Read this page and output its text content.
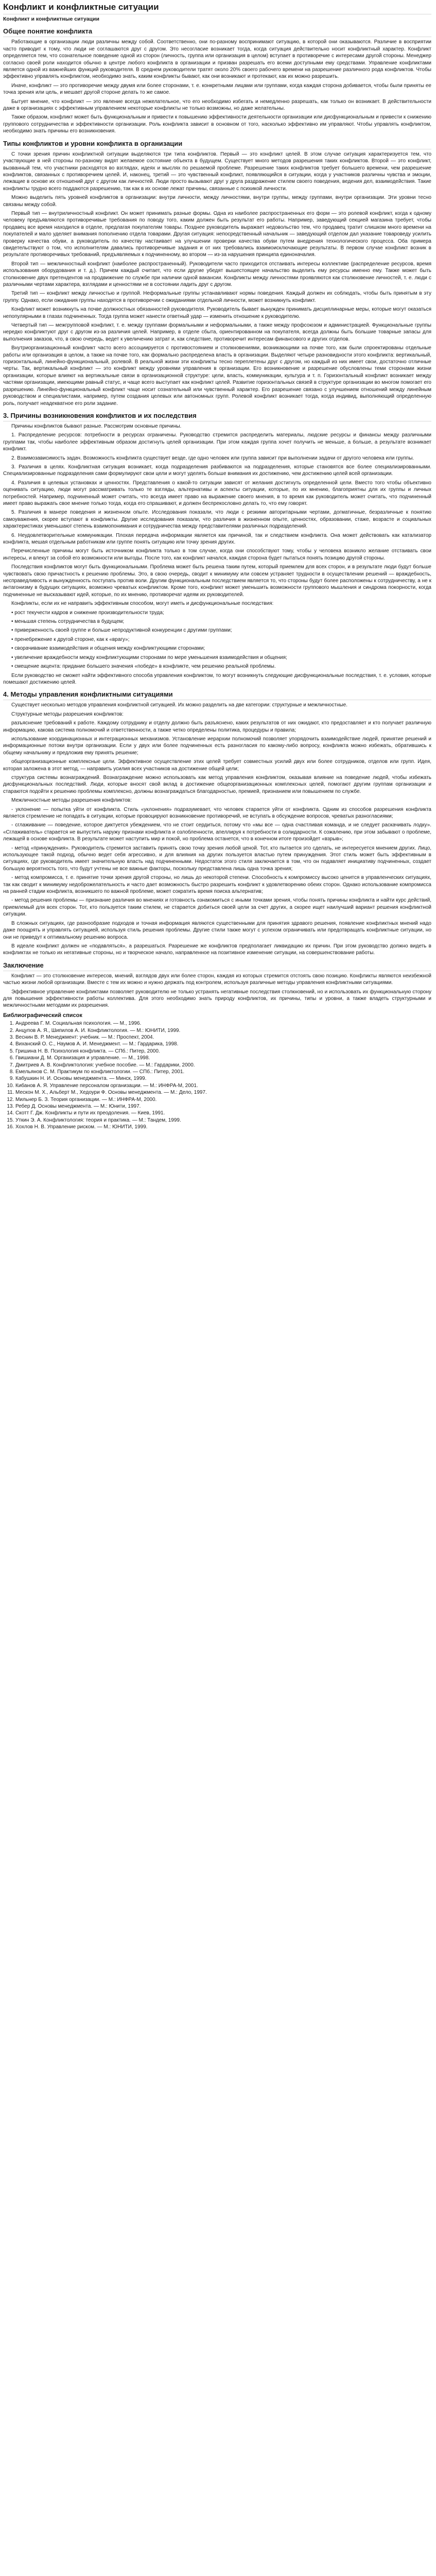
Конфликт и конфликтные ситуации
Конфликт и конфликтные ситуации
Общее понятие конфликта

Работающие в организации люди различны между собой. Соответственно, они по-разному воспринимают ситуацию, в которой они оказываются. Различие в восприятии часто приводит к тому, что люди не соглашаются друг с другом. Это несогласие возникает тогда, когда ситуация действительно носит конфликтный характер. Конфликт определяется тем, что сознательное поведение одной из сторон (личность, группа или организация в целом) вступает в противоречие с интересами другой стороны. Менеджер согласно своей роли находится обычно в центре любого конфликта в организации и призван разрешать его всеми доступными ему средствами. Управление конфликтами является одной из важнейших функций руководителя. В среднем руководители тратят около 20% своего рабочего времени на разрешение различного рода конфликтов. Чтобы эффективно управлять конфликтом, необходимо знать, каким конфликты бывают, как они возникают и протекают, как их можно разрешить.

Иначе, конфликт — это противоречие между двумя или более сторонами, т. е. конкретными лицами или группами, когда каждая сторона добивается, чтобы были приняты ее точка зрения или цель, и мешает другой стороне делать то же самое.

Бытует мнение, что конфликт — это явление всегда нежелательное, что его необходимо избегать и немедленно разрешать, как только он возникает. В действительности даже в организациях с эффективным управлением некоторые конфликты не только возможны, но даже желательны.

Также образом, конфликт может быть функциональным и привести к повышению эффективности деятельности организации или дисфункциональным и привести к снижению группового сотрудничества и эффективности организации. Роль конфликта зависит в основном от того, насколько эффективно им управляют. Чтобы управлять конфликтом, необходимо знать причины его возникновения.

Типы конфликтов и уровни конфликта в организации

С точки зрения причин конфликтной ситуации выделяются три типа конфликтов. Первый — это конфликт целей. В этом случае ситуация характеризуется тем, что участвующие в ней стороны по-разному видят желаемое состояние объекта в будущем. Существует много методов разрешения таких конфликтов. Второй — это конфликт, вызванный тем, что участники расходятся во взглядах, идеях и мыслях по решаемой проблеме. Разрешение таких конфликтов требует большего времени, чем разрешение конфликтов, связанных с противоречием целей. И, наконец, третий — это чувственный конфликт, появляющийся в ситуации, когда у участников различны чувства и эмоции, лежащие в основе их отношений друг с другом как личностей. Люди просто вызывают друг у друга раздражение стилем своего поведения, ведения дел, взаимодействия. Такие конфликты трудно всего поддаются разрешению, так как в их основе лежат причины, связанные с психикой личности.

Можно выделить пять уровней конфликтов в организации: внутри личности, между личностями, внутри группы, между группами, внутри организации. Эти уровни тесно связаны между собой.

Первый тип — внутриличностный конфликт. Он может принимать разные формы. Одна из наиболее распространенных его форм — это ролевой конфликт, когда к одному человеку предъявляются противоречивые требования по поводу того, каким должен быть результат его работы. Например, заведующий секцией магазина требует, чтобы продавец все время находился в отделе, предлагая покупателям товары. Позднее руководитель выражает недовольство тем, что продавец тратит слишком много времени на покупателей и мало уделяет внимания пополнению отдела товарами. Другая ситуация: непосредственный начальник — заведующий отделом дал указание товароведу усилить проверку качества обуви, а руководитель по качеству настаивает на улучшении проверки качества обуви путем внедрения технологического процесса. Оба примера свидетельствуют о том, что исполнителям давались противоречивые задания и от них требовались взаимоисключающие результаты. В первом случае конфликт возник в результате противоречивых требований, предъявляемых к подчиненному, во втором — из-за нарушения принципа единоначалия.

Второй тип — межличностный конфликт (наиболее распространенный). Руководители часто приходится отстаивать интересы коллективе (распределение ресурсов, время использования оборудования и т. д.). Причем каждый считает, что если другие убедят вышестоящее начальство выделить ему ресурсы именно ему. Также может быть столкновение двух претендентов на продвижение по службе при наличии одной вакансии. Конфликты между личностями проявляются как столкновение личностей, т. е. люди с различными чертами характера, взглядами и ценностями не в состоянии ладить друг с другом.

Третий тип — конфликт между личностью и группой. Неформальные группы устанавливают нормы поведения. Каждый должен их соблюдать, чтобы быть принятым в эту группу. Однако, если ожидания группы находятся в противоречии с ожиданиями отдельной личности, может возникнуть конфликт.

Конфликт может возникнуть на почве должностных обязанностей руководителя. Руководитель бывает вынужден принимать дисциплинарные меры, которые могут оказаться непопулярными в глазах подчиненных. Тогда группа может нанести ответный удар — изменить отношение к руководителю.

Четвертый тип — межгрупповой конфликт, т. е. между группами формальными и неформальными, а также между профсоюзом и администрацией. Функциональные группы нередко конфликтуют друг с другом из-за различия целей. Например, в отделе сбыта, ориентированном на покупателя, всегда должны быть большие товарные запасы для выполнения заказов, что, в свою очередь, ведет к увеличению затрат и, как следствие, противоречит интересам финансового и других отделов.

Внутриорганизационный конфликт часто всего ассоциируется с противостоянием и столкновениями, возникающими на почве того, как были спроектированы отдельные работы или организация в целом, а также на почве того, как формально распределена власть в организации. Выделяют четыре разновидности этого конфликта: вертикальный, горизонтальный, линейно-функциональный, ролевой. В реальной жизни эти конфликты тесно переплетены друг с другом, но каждый из них имеет свои, достаточно отличные черты. Так, вертикальный конфликт — это конфликт между уровнями управления в организации. Его возникновение и разрешение обусловлены теми сторонами жизни организации, которые влияют на вертикальные связи в организационной структуре: цели, власть, коммуникации, культура и т. п. Горизонтальный конфликт возникает между частями организации, имеющими равный статус, и чаще всего выступает как конфликт целей. Развитие горизонтальных связей в структуре организации во многом помогает его разрешению. Линейно-функциональный конфликт чаще носит сознательный или чувственный характер. Его разрешение связано с улучшением отношений между линейным руководством и специалистами, например, путем создания целевых или автономных групп. Ролевой конфликт возникает тогда, когда индивид, выполняющий определенную роль, получает неадекватное его роли задание.

3. Причины возникновения конфликтов и их последствия

Причины конфликтов бывают разные. Рассмотрим основные причины.

1. Распределение ресурсов: потребности в ресурсах ограничены. Руководство стремится распределить материалы, людские ресурсы и финансы между различными группами так, чтобы наиболее эффективным образом достигнуть целей организации. При этом каждая группа хочет получить не меньше, а больше, а результате возникает конфликт.

2. Взаимозависимость задач. Возможность конфликта существует везде, где одно человек или группа зависит при выполнении задачи от другого человека или группы.

3. Различия в целях. Конфликтная ситуация возникает, когда подразделения разбиваются на подразделения, которые становятся все более специализированными. Специализированные подразделения сами формулируют свои цели и могут уделять больше внимания их достижению, чем достижению целей всей организации.

4. Различия в целевых установках и ценностях. Представления о какой-то ситуации зависят от желания достигнуть определенной цели. Вместо того чтобы объективно оценивать ситуацию, люди могут рассматривать только те взгляды, альтернативы и аспекты ситуации, которые, по их мнению, благоприятны для их группы и личных потребностей. Например, подчиненный может считать, что всегда имеет право на выражение своего мнения, в то время как руководитель может считать, что подчиненный имеет право выражать свое мнение только тогда, когда его спрашивают, и должен беспрекословно делать то, что ему говорят.

5. Различия в манере поведения и жизненном опыте. Исследования показали, что люди с резкими авторитарными чертами, догматичные, безразличные к понятию самоуважения, скорее вступают в конфликты. Другие исследования показали, что различия в жизненном опыте, ценностях, образовании, стаже, возрасте и социальных характеристиках уменьшают степень взаимопонимания и сотрудничества между представителями различных подразделений.

6. Неудовлетворительные коммуникации. Плохая передача информации является как причиной, так и следствием конфликта. Она может действовать как катализатор конфликта, мешая отдельным работникам или группе понять ситуацию или точку зрения других.

Перечисленные причины могут быть источником конфликта только в том случае, когда они способствуют тому, чтобы у человека возникло желание отстаивать свои интересы, и влекут за собой его возможности или выгоды. После того, как конфликт начался, каждая сторона будет пытаться понять позицию другой стороны.

Последствия конфликтов могут быть функциональными. Проблема может быть решена таким путем, который приемлем для всех сторон, и в результате люди будут больше чувствовать свою причастность к решению проблемы. Это, в свою очередь, сводит к минимуму или совсем устраняет трудности в осуществлении решений — враждебность, несправедливость и вынужденность поступать против воли. Другим функциональным последствием является то, что стороны будут более расположены к сотрудничеству, а не к антагонизму в будущих ситуациях, возможно чреватых конфликтом. Кроме того, конфликт может уменьшить возможности группового мышления и синдрома покорности, когда подчиненные не высказывают идей, которые, по их мнению, противоречат идеям их руководителей.

Конфликты, если их не направить эффективным способом, могут иметь и дисфункциональные последствия:

• рост текучести кадров и снижение производительности труда;

• меньшая степень сотрудничества в будущем;

• приверженность своей группе и больше непродуктивной конкуренции с другими группами;

• пренебрежение к другой стороне, как к «врагу»;

• сворачивание взаимодействия и общения между конфликтующими сторонами;

• увеличение враждебности между конфликтующими сторонами по мере уменьшения взаимодействия и общения;

• смещение акцента: придание большего значения «победе» в конфликте, чем решению реальной проблемы.

Если руководство не сможет найти эффективного способа управления конфликтом, то могут возникнуть следующие дисфункциональные последствия, т. е. условия, которые помешают достижению целей.

4. Методы управления конфликтными ситуациями

Существует несколько методов управления конфликтной ситуацией. Их можно разделить на две категории: структурные и межличностные.

Структурные методы разрешения конфликтов:

разъяснение требований к работе. Каждому сотруднику и отделу должно быть разъяснено, каких результатов от них ожидают, кто предоставляет и кто получает различную информацию, какова система полномочий и ответственности, а также четко определены политика, процедуры и правила;

использование координационных и интеграционных механизмов. Установление иерархии полномочий позволяет упорядочить взаимодействие людей, принятие решений и информационные потоки внутри организации. Если у двух или более подчиненных есть разногласия по какому-либо вопросу, конфликта можно избежать, обратившись к общему начальнику и предложив ему принять решение;

общеорганизационные комплексные цели. Эффективное осуществление этих целей требует совместных усилий двух или более сотрудников, отделов или групп. Идея, которая заложена в этот метод, — направить усилия всех участников на достижение общей цели;

структура системы вознаграждений. Вознаграждение можно использовать как метод управления конфликтом, оказывая влияние на поведение людей, чтобы избежать дисфункциональных последствий. Люди, которые вносят свой вклад в достижение общеорганизационных комплексных целей, помогают другим группам организации и стараются подойти к решению проблемы комплексно, должны вознаграждаться благодарностью, премией, признанием или повышением по службе.

Межличностные методы разрешения конфликтов:

- уклонение — попытка уйти от конфликта. Стиль «уклонения» подразумевает, что человек старается уйти от конфликта. Одним из способов разрешения конфликта является стремление не попадать в ситуации, которые провоцируют возникновение противоречий, не вступать в обсуждение вопросов, чреватых разногласиями;

- сглаживание — поведение, которое диктуется убеждением, что не стоит сердиться, потому что «мы все — одна счастливая команда, и не следует раскачивать лодку». «Сглаживатель» старается не выпустить наружу признаки конфликта и озлобленности, апеллируя к потребности в солидарности. К сожалению, при этом забывают о проблеме, лежащей в основе конфликта. В результате может наступить мир и покой, но проблема останется, что в конечном итоге произойдет «взрыв»;

- метод «принуждения». Руководитель стремится заставить принять свою точку зрения любой ценой. Тот, кто пытается это сделать, не интересуется мнением других. Лицо, использующее такой подход, обычно ведет себя агрессивно, и для влияния на других пользуется властью путем принуждения. Этот стиль может быть эффективным в ситуациях, где руководитель имеет значительную власть над подчиненными. Недостаток этого стиля заключается в том, что он подавляет инициативу подчиненных, создает большую вероятность того, что будут учтены не все важные факторы, поскольку представлена лишь одна точка зрения;

- метод компромисса, т. е. принятие точки зрения другой стороны, но лишь до некоторой степени. Способность к компромиссу высоко ценится в управленческих ситуациях, так как сводит к минимуму недоброжелательность и часто дает возможность быстро разрешить конфликт к удовлетворению обеих сторон. Однако использование компромисса на ранней стадии конфликта, возникшего по важной проблеме, может сократить время поиска альтернатив;

- метод решения проблемы — признание различия во мнениях и готовность ознакомиться с иными точками зрения, чтобы понять причины конфликта и найти курс действий, приемлемый для всех сторон. Тот, кто пользуется таким стилем, не старается добиться своей цели за счет других, а скорее ищет наилучший вариант решения конфликтной ситуации.

В сложных ситуациях, где разнообразие подходов и точная информация являются существенными для принятия здравого решения, появление конфликтных мнений надо даже поощрять и управлять ситуацией, используя стиль решения проблемы. Другие стили также могут с успехом ограничивать или предотвращать конфликтные ситуации, но они не приведут к оптимальному решению вопроса.

В идеале конфликт должен не «подавляться», а разрешаться. Разрешение же конфликтов предполагает ликвидацию их причин. При этом руководство должно видеть в конфликтах не только их негативные стороны, но и творческое начало, направленное на позитивное изменение ситуации, на совершенствование работы.

Заключение

Конфликт — это столкновение интересов, мнений, взглядов двух или более сторон, каждая из которых стремится отстоять свою позицию. Конфликты являются неизбежной частью жизни любой организации. Вместе с тем их можно и нужно держать под контролем, используя различные методы управления конфликтными ситуациями.

Эффективное управление конфликтами позволяет руководителю не только устранять негативные последствия столкновений, но и использовать их функциональную сторону для повышения эффективности работы коллектива. Для этого необходимо знать природу конфликтов, их причины, типы и уровни, а также владеть структурными и межличностными методами их разрешения.

Библиографический список
1. Андреева Г. М. Социальная психология. — М., 1996.
2. Анцупов А. Я., Шипилов А. И. Конфликтология. — М.: ЮНИТИ, 1999.
3. Веснин В. Р. Менеджмент: учебник. — М.: Проспект, 2004.
4. Виханский О. С., Наумов А. И. Менеджмент. — М.: Гардарика, 1998.
5. Гришина Н. В. Психология конфликта. — СПб.: Питер, 2000.
6. Гвишиани Д. М. Организация и управление. — М., 1998.
7. Дмитриев А. В. Конфликтология: учебное пособие. — М.: Гардарики, 2000.
8. Емельянов С. М. Практикум по конфликтологии. — СПб.: Питер, 2001.
9. Кабушкин Н. И. Основы менеджмента. — Минск, 1999.
10. Кибанов А. Я. Управление персоналом организации. — М.: ИНФРА-М, 2001.
11. Мескон М. Х., Альберт М., Хедоури Ф. Основы менеджмента. — М.: Дело, 1997.
12. Мильнер Б. З. Теория организации. — М.: ИНФРА-М, 2000.
13. Ребер Д. Основы менеджмента. — М.: Юнити, 1997.
14. Скотт Г. Дж. Конфликты и пути их преодоления. — Киев, 1991.
15. Уткин Э. А. Конфликтология: теория и практика. — М.: Тандем, 1999.
16. Хохлов Н. В. Управление риском. — М.: ЮНИТИ, 1999.
